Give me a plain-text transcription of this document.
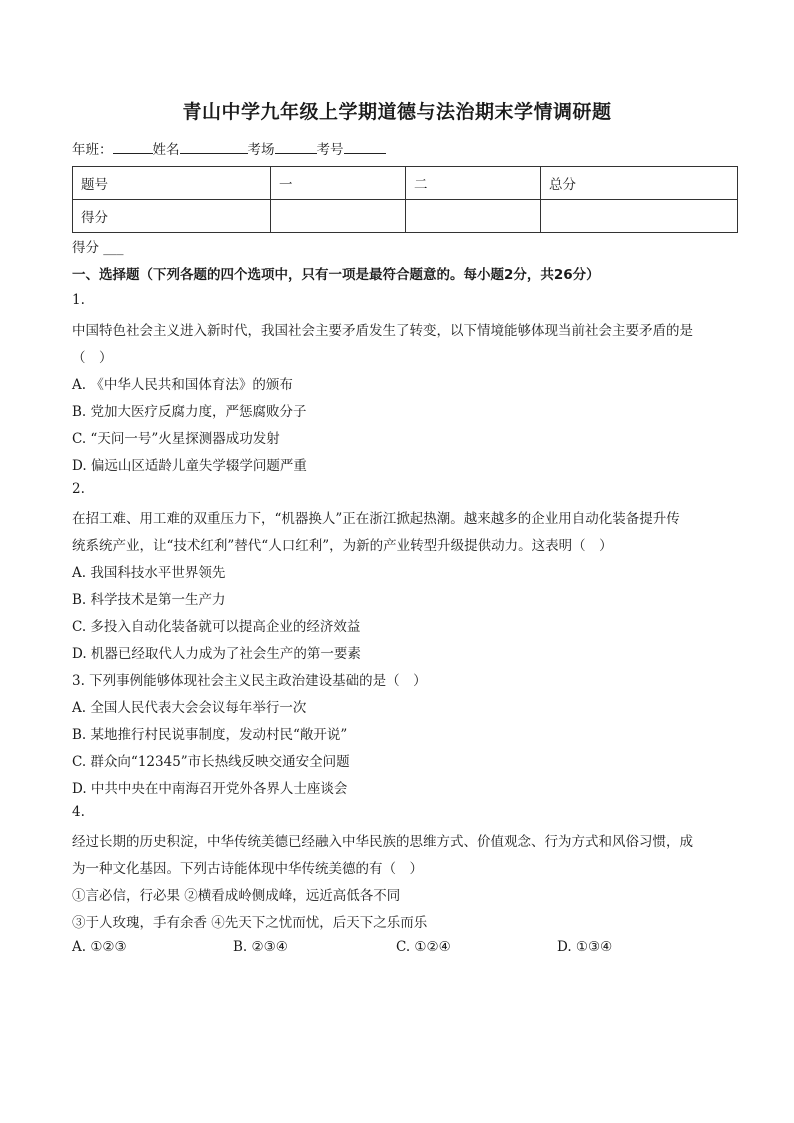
青山中学九年级上学期道德与法治期末学情调研题
年班：	姓名	考场	考号
题号	一	二	总分
得分			
得分 ___
一、选择题（下列各题的四个选项中，只有一项是最符合题意的。每小题2分，共26分）
1.
中国特色社会主义进入新时代，我国社会主要矛盾发生了转变，以下情境能够体现当前社会主要矛盾的是
（　）
A. 《中华人民共和国体育法》的颁布
B. 党加大医疗反腐力度，严惩腐败分子
C. “天问一号”火星探测器成功发射
D. 偏远山区适龄儿童失学辍学问题严重
2.
在招工难、用工难的双重压力下，“机器换人”正在浙江掀起热潮。越来越多的企业用自动化装备提升传
统系统产业，让“技术红利”替代“人口红利”，为新的产业转型升级提供动力。这表明（　）
A. 我国科技水平世界领先
B. 科学技术是第一生产力
C. 多投入自动化装备就可以提高企业的经济效益
D. 机器已经取代人力成为了社会生产的第一要素
3. 下列事例能够体现社会主义民主政治建设基础的是（　）
A. 全国人民代表大会会议每年举行一次
B. 某地推行村民说事制度，发动村民“敞开说”
C. 群众向“12345”市长热线反映交通安全问题
D. 中共中央在中南海召开党外各界人士座谈会
4.
经过长期的历史积淀，中华传统美德已经融入中华民族的思维方式、价值观念、行为方式和风俗习惯，成
为一种文化基因。下列古诗能体现中华传统美德的有（　）
①言必信，行必果 ②横看成岭侧成峰，远近高低各不同
③于人玫瑰，手有余香 ④先天下之忧而忧，后天下之乐而乐
A. ①②③	B. ②③④	C. ①②④	D. ①③④
